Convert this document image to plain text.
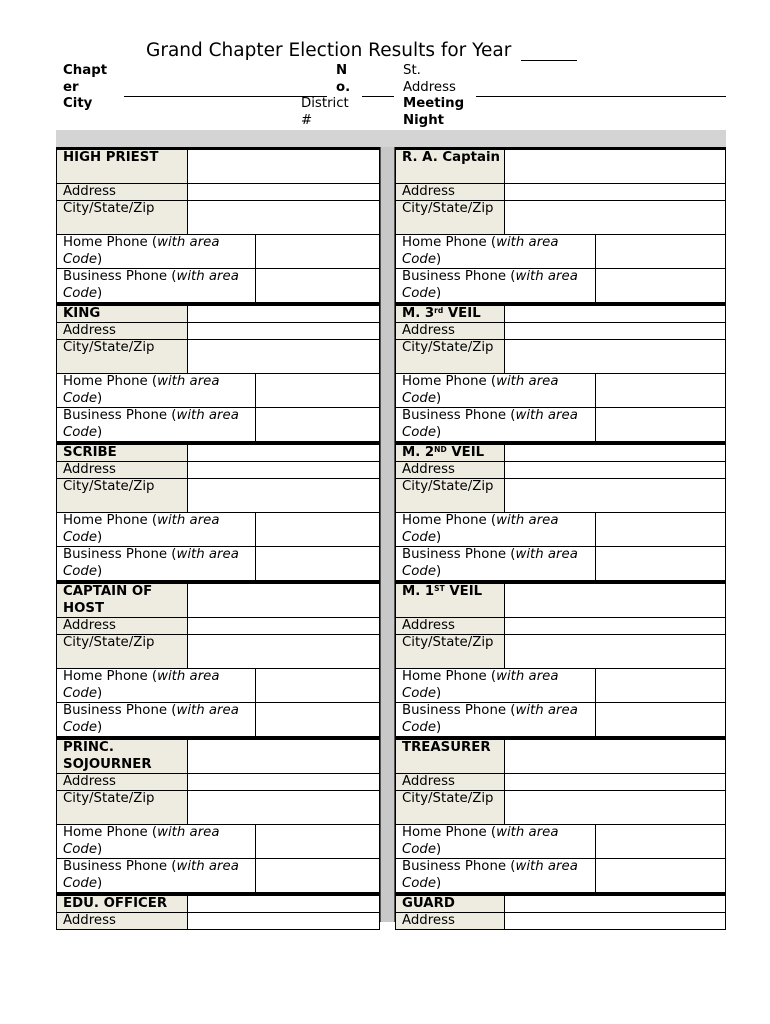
Grand Chapter Election Results for Year
Chapt
er
N
o.
St.
Address
City	District
#
Meeting
Night
HIGH PRIEST
Address
City/State/Zip
Home Phone (with area
Code)
Business Phone (with area
Code)
KING
Address
City/State/Zip
Home Phone (with area
Code)
Business Phone (with area
Code)
SCRIBE
Address
City/State/Zip
Home Phone (with area
Code)
Business Phone (with area
Code)
CAPTAIN OF HOST
Address
City/State/Zip
Home Phone (with area
Code)
Business Phone (with area
Code)
PRINC. SOJOURNER
Address
City/State/Zip
Home Phone (with area
Code)
Business Phone (with area
Code)
EDU. OFFICER
Address
R. A. Captain
Address
City/State/Zip
Home Phone (with area
Code)
Business Phone (with area
Code)
M. 3rd VEIL
Address
City/State/Zip
Home Phone (with area
Code)
Business Phone (with area
Code)
M. 2ND VEIL
Address
City/State/Zip
Home Phone (with area
Code)
Business Phone (with area
Code)
M. 1ST VEIL
Address
City/State/Zip
Home Phone (with area
Code)
Business Phone (with area
Code)
TREASURER
Address
City/State/Zip
Home Phone (with area
Code)
Business Phone (with area
Code)
GUARD
Address
